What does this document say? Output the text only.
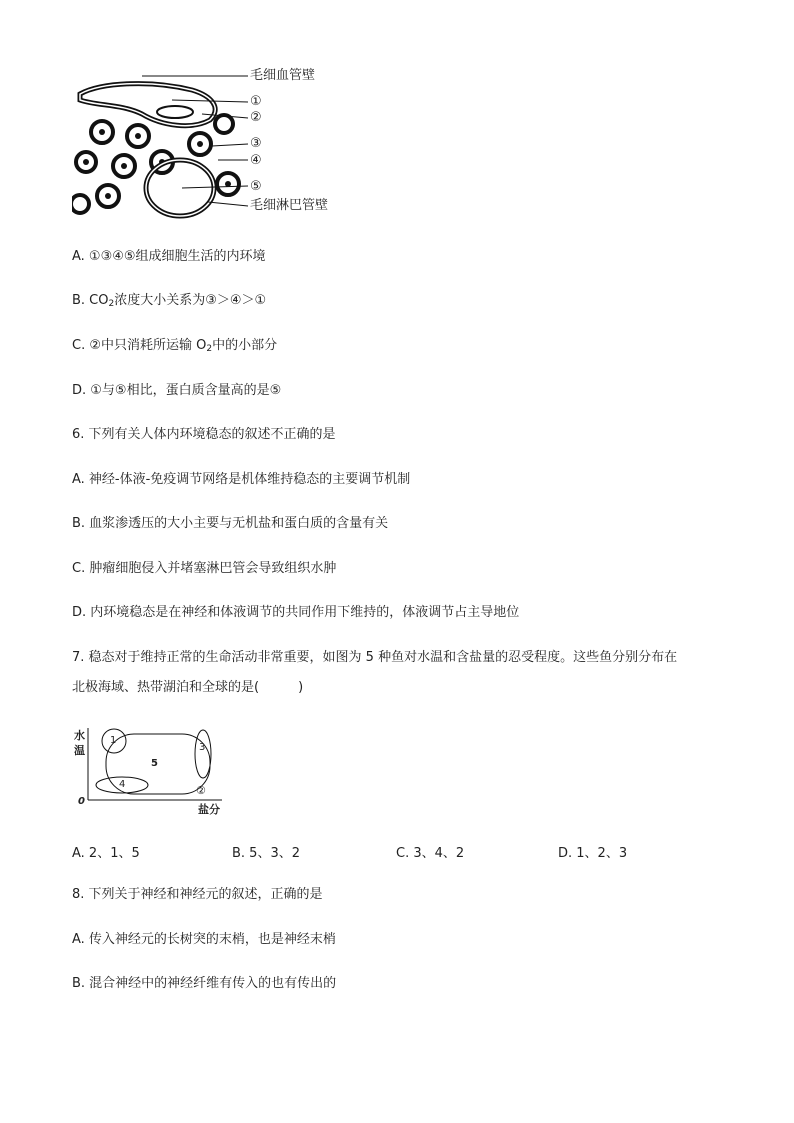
毛细血管壁
①
②
③
④
⑤
毛细淋巴管壁
A. ①③④⑤组成细胞生活的内环境
B. $CO_2$浓度大小关系为③＞④＞①
C. ②中只消耗所运输 $O_2$中的小部分
D. ①与⑤相比，蛋白质含量高的是⑤
6. 下列有关人体内环境稳态的叙述不正确的是
A. 神经-体液-免疫调节网络是机体维持稳态的主要调节机制
B. 血浆渗透压的大小主要与无机盐和蛋白质的含量有关
C. 肿瘤细胞侵入并堵塞淋巴管会导致组织水肿
D. 内环境稳态是在神经和体液调节的共同作用下维持的，体液调节占主导地位
7. 稳态对于维持正常的生命活动非常重要，如图为 5 种鱼对水温和含盐量的忍受程度。这些鱼分别分布在
北极海域、热带湖泊和全球的是(　　　)
水
温
0
盐分
1
5
3
4	②
A. 2、1、5	B. 5、3、2	C. 3、4、2	D. 1、2、3
8. 下列关于神经和神经元的叙述，正确的是
A. 传入神经元的长树突的末梢，也是神经末梢
B. 混合神经中的神经纤维有传入的也有传出的
